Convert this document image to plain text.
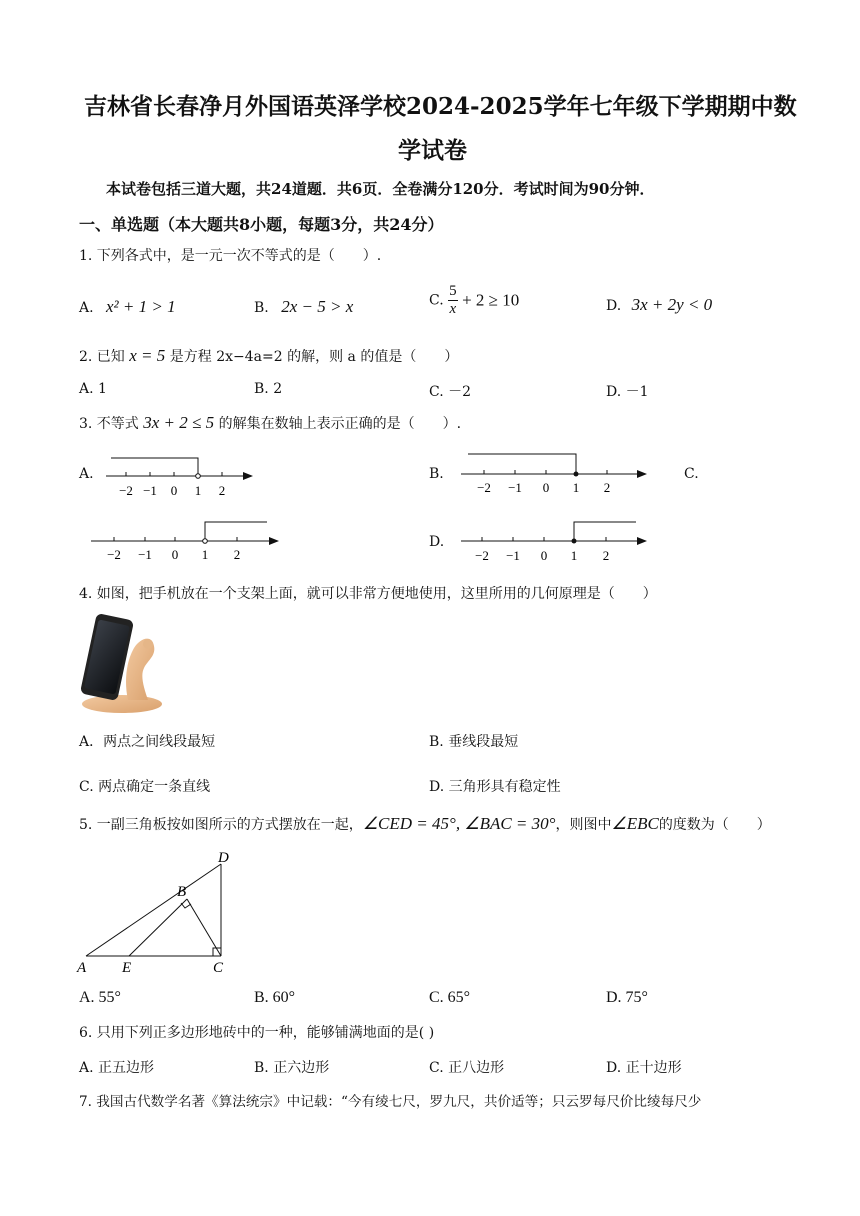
吉林省长春净月外国语英泽学校2024-2025学年七年级下学期期中数
学试卷
本试卷包括三道大题，共24道题．共6页．全卷满分120分．考试时间为90分钟．
一、单选题（本大题共8小题，每题3分，共24分）
1. 下列各式中，是一元一次不等式的是（　　）.
A. x² + 1 > 1	B. 2x − 5 > x	C. $\frac{5}{x} + 2 \ge 10$	D. 3x + 2y < 0
2. 已知 x = 5 是方程 2x−4a=2 的解，则 a 的值是（　　）
A. 1	B. 2	C. －2	D. －1
3. 不等式 3x + 2 ≤ 5 的解集在数轴上表示正确的是（　　）.
A.
−2 −1 0 1 2
B.
−2 −1 0 1 2
C.
−2 −1 0 1 2
D.
−2 −1 0 1 2
4. 如图，把手机放在一个支架上面，就可以非常方便地使用，这里所用的几何原理是（　　）
A．两点之间线段最短	B. 垂线段最短
C. 两点确定一条直线	D. 三角形具有稳定性
5. 一副三角板按如图所示的方式摆放在一起，∠CED = 45°, ∠BAC = 30°，则图中∠EBC的度数为（　　）
A E	C
B
D
A. 55°	B. 60°	C. 65°	D. 75°
6. 只用下列正多边形地砖中的一种，能够铺满地面的是( )
A. 正五边形	B. 正六边形	C. 正八边形	D. 正十边形
7. 我国古代数学名著《算法统宗》中记载：“今有绫七尺，罗九尺，共价适等；只云罗每尺价比绫每尺少
